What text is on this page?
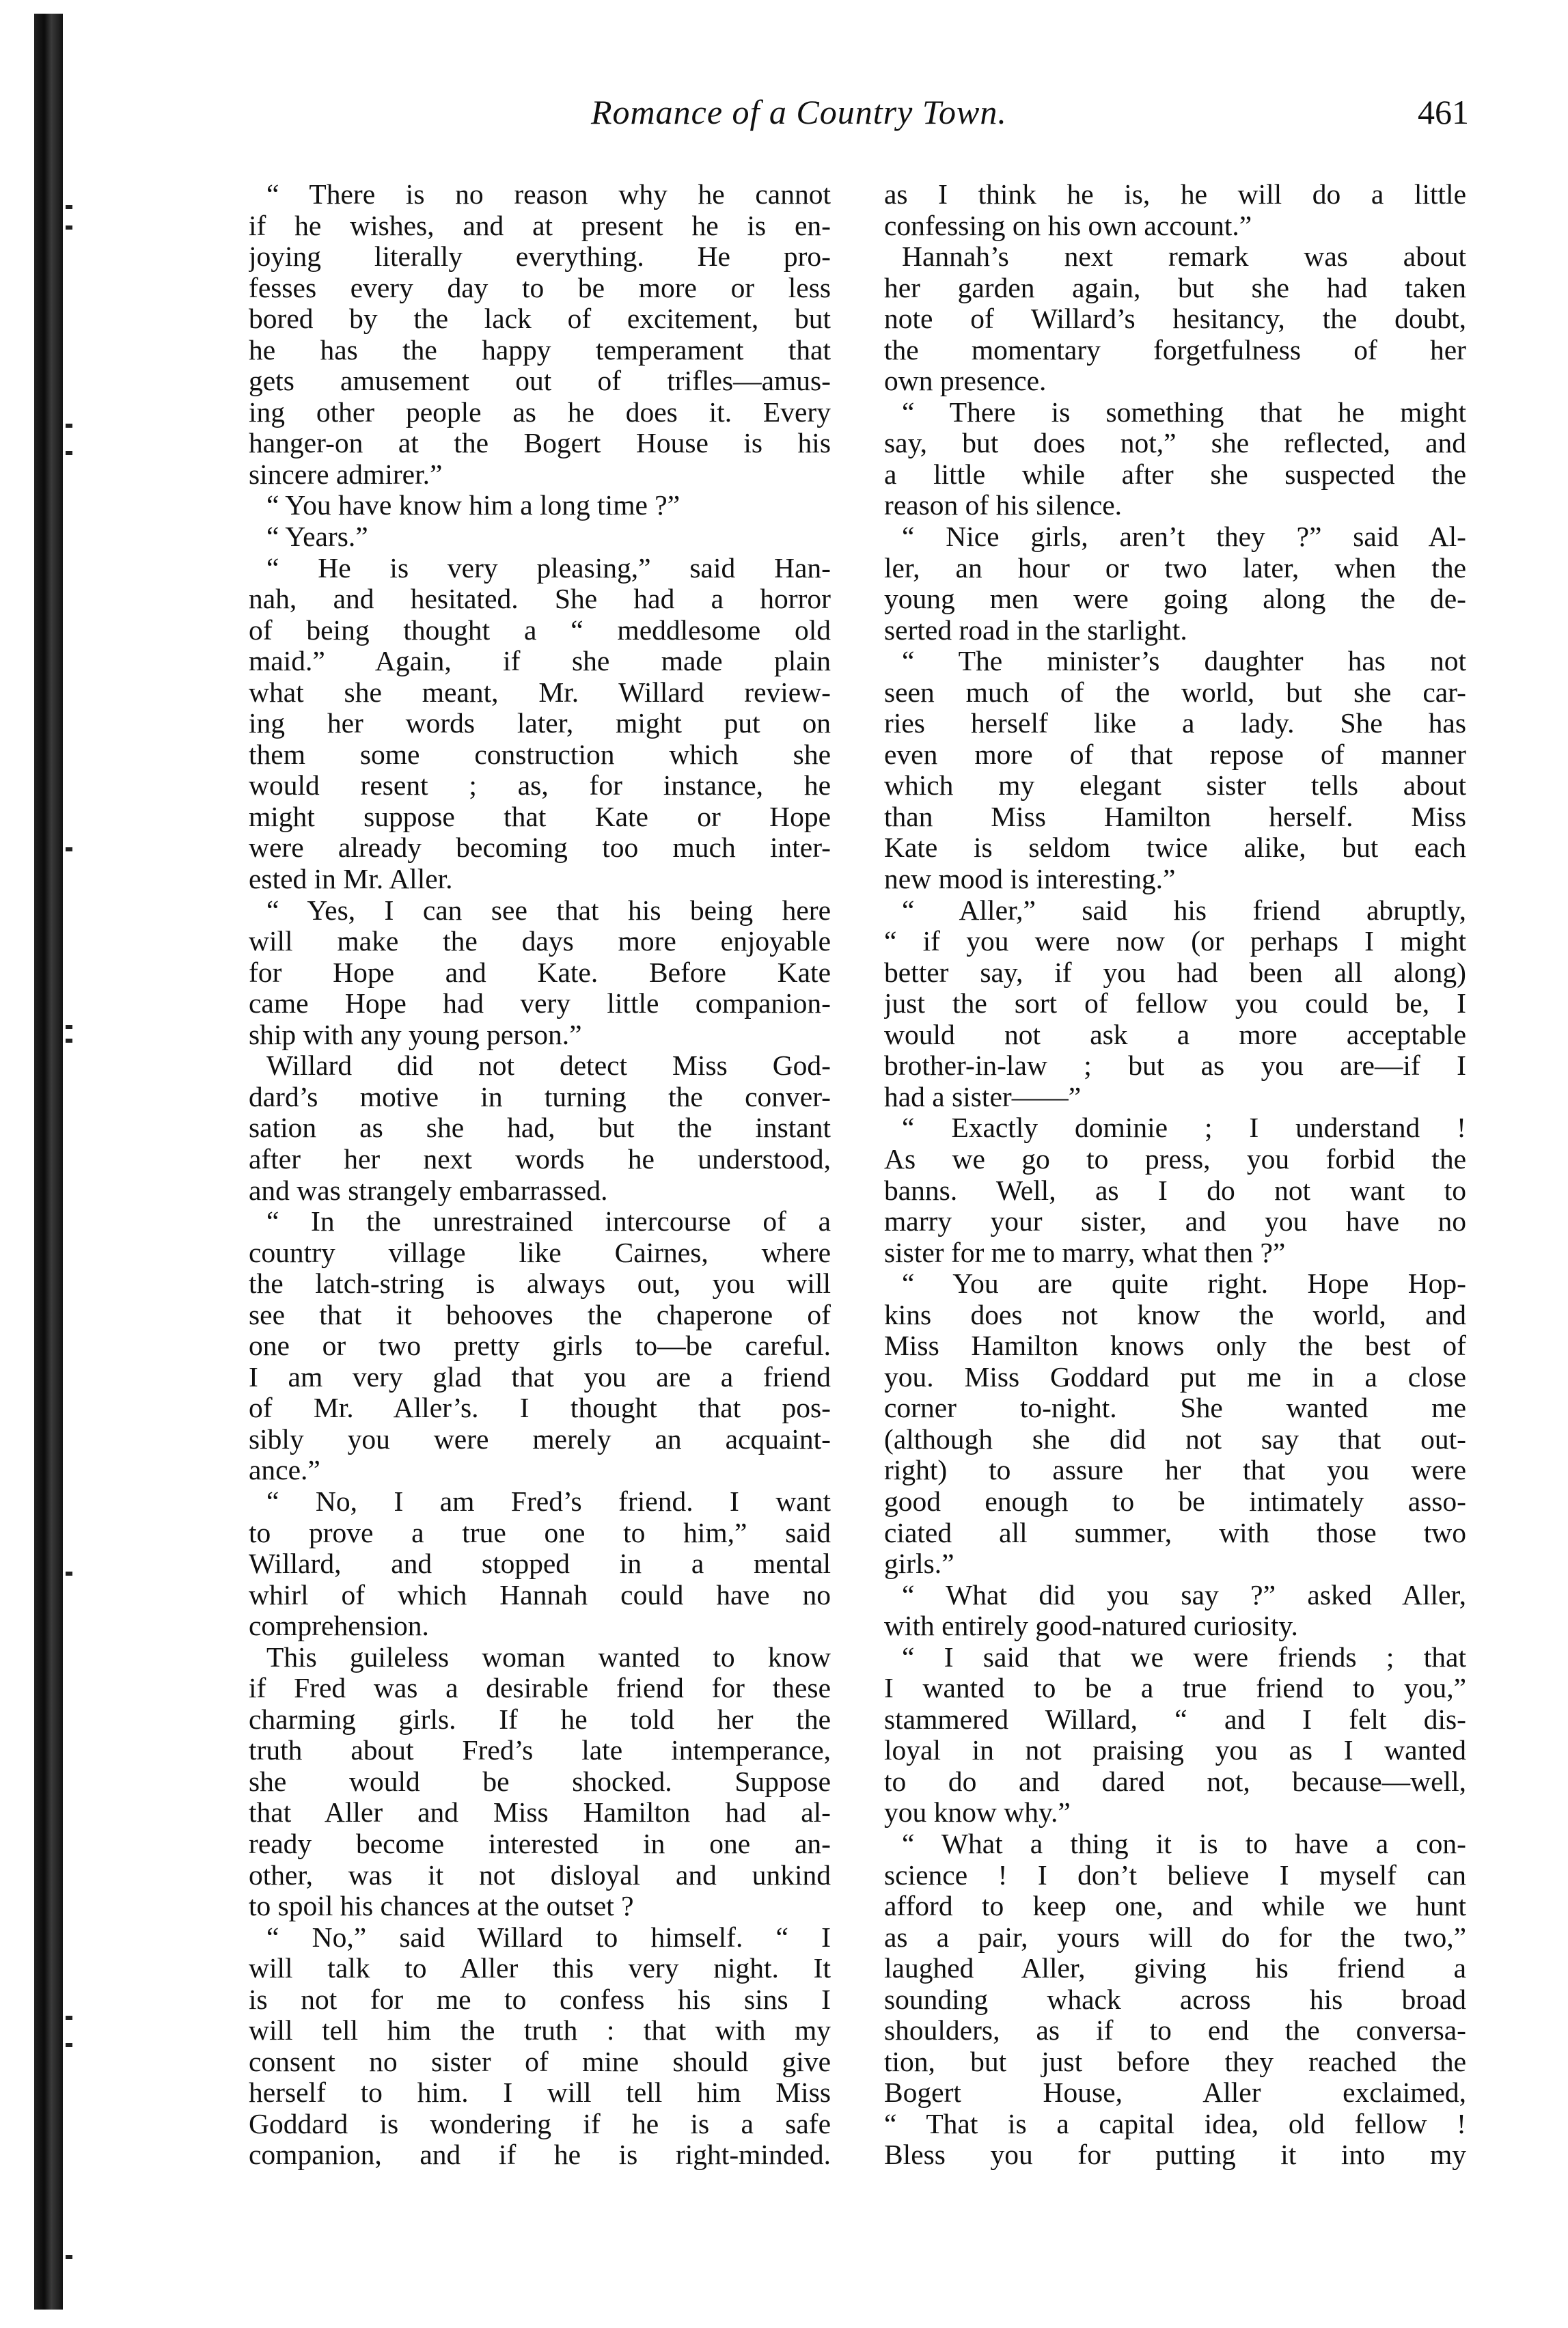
Romance of a Country Town.	461
“ There is no reason why he cannot
if he wishes, and at present he is en-
joying literally everything. He pro-
fesses every day to be more or less
bored by the lack of excitement, but
he has the happy temperament that
gets amusement out of trifles—amus-
ing other people as he does it. Every
hanger-on at the Bogert House is his
sincere admirer.”
“ You have know him a long time ?”
“ Years.”
“ He is very pleasing,” said Han-
nah, and hesitated. She had a horror
of being thought a “ meddlesome old
maid.” Again, if she made plain
what she meant, Mr. Willard review-
ing her words later, might put on
them some construction which she
would resent ; as, for instance, he
might suppose that Kate or Hope
were already becoming too much inter-
ested in Mr. Aller.
“ Yes, I can see that his being here
will make the days more enjoyable
for Hope and Kate. Before Kate
came Hope had very little companion-
ship with any young person.”
Willard did not detect Miss God-
dard’s motive in turning the conver-
sation as she had, but the instant
after her next words he understood,
and was strangely embarrassed.
“ In the unrestrained intercourse of a
country village like Cairnes, where
the latch-string is always out, you will
see that it behooves the chaperone of
one or two pretty girls to—be careful.
I am very glad that you are a friend
of Mr. Aller’s. I thought that pos-
sibly you were merely an acquaint-
ance.”
“ No, I am Fred’s friend. I want
to prove a true one to him,” said
Willard, and stopped in a mental
whirl of which Hannah could have no
comprehension.
This guileless woman wanted to know
if Fred was a desirable friend for these
charming girls. If he told her the
truth about Fred’s late intemperance,
she would be shocked. Suppose
that Aller and Miss Hamilton had al-
ready become interested in one an-
other, was it not disloyal and unkind
to spoil his chances at the outset ?
“ No,” said Willard to himself. “ I
will talk to Aller this very night. It
is not for me to confess his sins I
will tell him the truth : that with my
consent no sister of mine should give
herself to him. I will tell him Miss
Goddard is wondering if he is a safe
companion, and if he is right-minded.
as I think he is, he will do a little
confessing on his own account.”
Hannah’s next remark was about
her garden again, but she had taken
note of Willard’s hesitancy, the doubt,
the momentary forgetfulness of her
own presence.
“ There is something that he might
say, but does not,” she reflected, and
a little while after she suspected the
reason of his silence.
“ Nice girls, aren’t they ?” said Al-
ler, an hour or two later, when the
young men were going along the de-
serted road in the starlight.
“ The minister’s daughter has not
seen much of the world, but she car-
ries herself like a lady. She has
even more of that repose of manner
which my elegant sister tells about
than Miss Hamilton herself. Miss
Kate is seldom twice alike, but each
new mood is interesting.”
“ Aller,” said his friend abruptly,
“ if you were now (or perhaps I might
better say, if you had been all along)
just the sort of fellow you could be, I
would not ask a more acceptable
brother-in-law ; but as you are—if I
had a sister——”
“ Exactly dominie ; I understand !
As we go to press, you forbid the
banns. Well, as I do not want to
marry your sister, and you have no
sister for me to marry, what then ?”
“ You are quite right. Hope Hop-
kins does not know the world, and
Miss Hamilton knows only the best of
you. Miss Goddard put me in a close
corner to-night. She wanted me
(although she did not say that out-
right) to assure her that you were
good enough to be intimately asso-
ciated all summer, with those two
girls.”
“ What did you say ?” asked Aller,
with entirely good-natured curiosity.
“ I said that we were friends ; that
I wanted to be a true friend to you,”
stammered Willard, “ and I felt dis-
loyal in not praising you as I wanted
to do and dared not, because—well,
you know why.”
“ What a thing it is to have a con-
science ! I don’t believe I myself can
afford to keep one, and while we hunt
as a pair, yours will do for the two,”
laughed Aller, giving his friend a
sounding whack across his broad
shoulders, as if to end the conversa-
tion, but just before they reached the
Bogert House, Aller exclaimed,
“ That is a capital idea, old fellow !
Bless you for putting it into my
